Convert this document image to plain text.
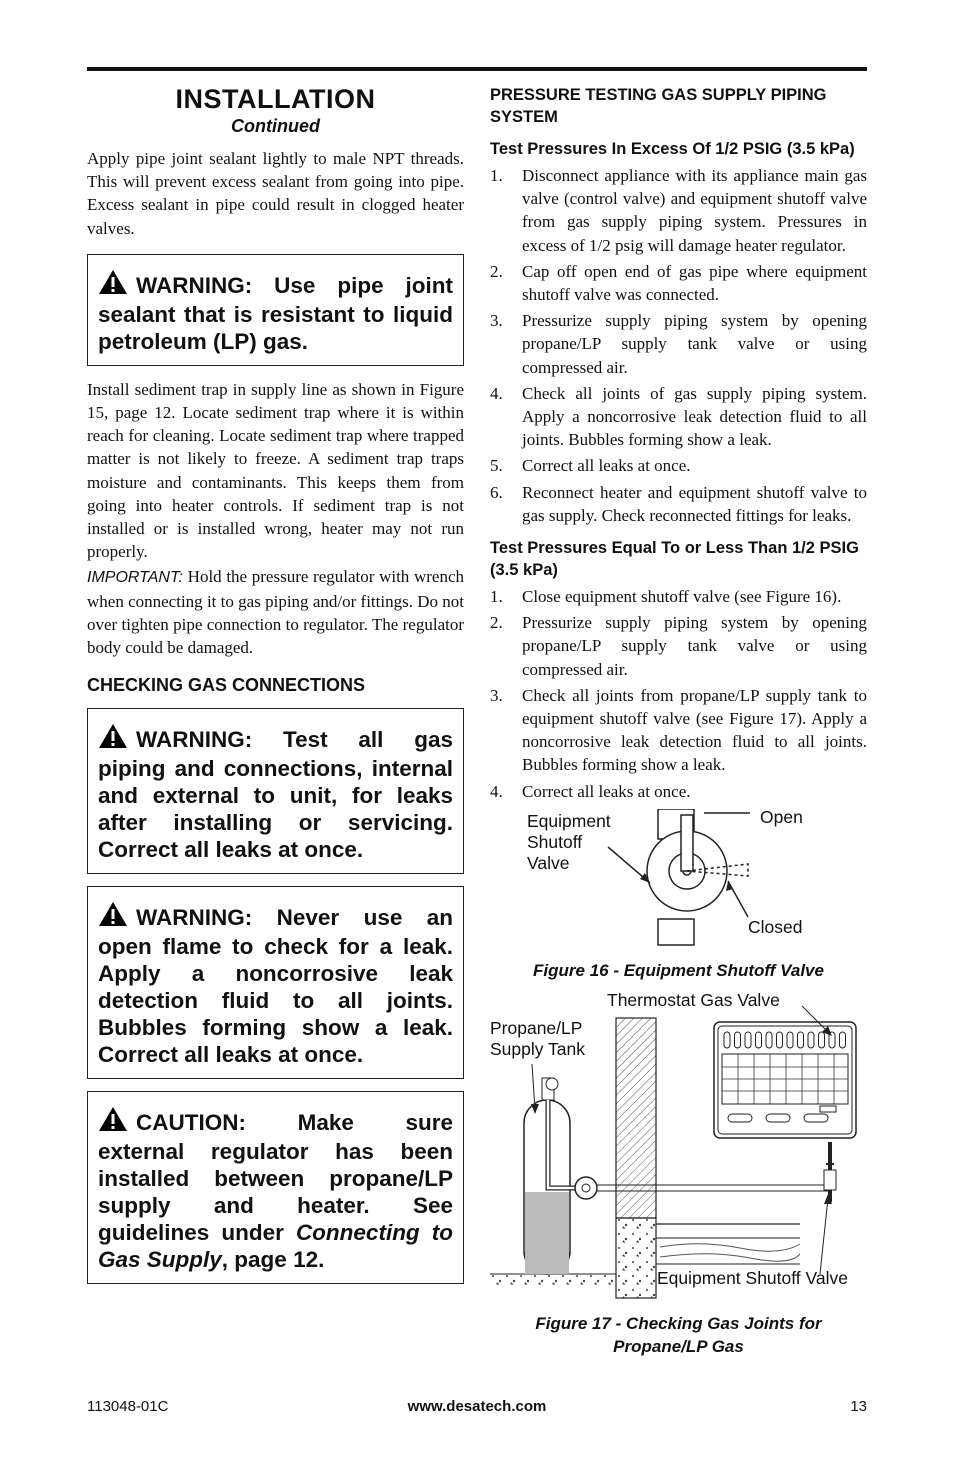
INSTALLATION
Continued

Apply pipe joint sealant lightly to male NPT threads. This will prevent excess sealant from going into pipe. Excess sealant in pipe could result in clogged heater valves.

WARNING: Use pipe joint sealant that is resistant to liquid petroleum (LP) gas.

Install sediment trap in supply line as shown in Figure 15, page 12. Locate sediment trap where it is within reach for cleaning. Locate sediment trap where trapped matter is not likely to freeze. A sediment trap traps moisture and contaminants. This keeps them from going into heater controls. If sediment trap is not installed or is installed wrong, heater may not run properly.

IMPORTANT: Hold the pressure regulator with wrench when connecting it to gas piping and/or fittings. Do not over tighten pipe connection to regulator. The regulator body could be damaged.

CHECKING GAS CONNECTIONS
WARNING: Test all gas piping and connections, internal and external to unit, for leaks after installing or servicing. Correct all leaks at once.
WARNING: Never use an open flame to check for a leak. Apply a noncorrosive leak detection fluid to all joints. Bubbles forming show a leak. Correct all leaks at once.
CAUTION: Make sure external regulator has been installed between propane/LP supply and heater. See guidelines under Connecting to Gas Supply, page 12.
PRESSURE TESTING GAS SUPPLY PIPING SYSTEM
Test Pressures In Excess Of 1/2 PSIG (3.5 kPa)
1.	Disconnect appliance with its appliance main gas valve (control valve) and equipment shutoff valve from gas supply piping system. Pressures in excess of 1/2 psig will damage heater regulator.
2.	Cap off open end of gas pipe where equipment shutoff valve was connected.
3.	Pressurize supply piping system by opening propane/LP supply tank valve or using compressed air.
4.	Check all joints of gas supply piping system. Apply a noncorrosive leak detection fluid to all joints. Bubbles forming show a leak.
5.	Correct all leaks at once.
6.	Reconnect heater and equipment shutoff valve to gas supply. Check reconnected fittings for leaks.
Test Pressures Equal To or Less Than 1/2 PSIG (3.5 kPa)
1.	Close equipment shutoff valve (see Figure 16).
2.	Pressurize supply piping system by opening propane/LP supply tank valve or using compressed air.
3.	Check all joints from propane/LP supply tank to equipment shutoff valve (see Figure 17). Apply a noncorrosive leak detection fluid to all joints. Bubbles forming show a leak.
4.	Correct all leaks at once.
Equipment
Shutoff
Valve
Open
Closed
Figure 16 - Equipment Shutoff Valve
Thermostat Gas Valve
Propane/LP
Supply Tank
Equipment Shutoff Valve
Figure 17 - Checking Gas Joints for
Propane/LP Gas
113048-01C	www.desatech.com	13
